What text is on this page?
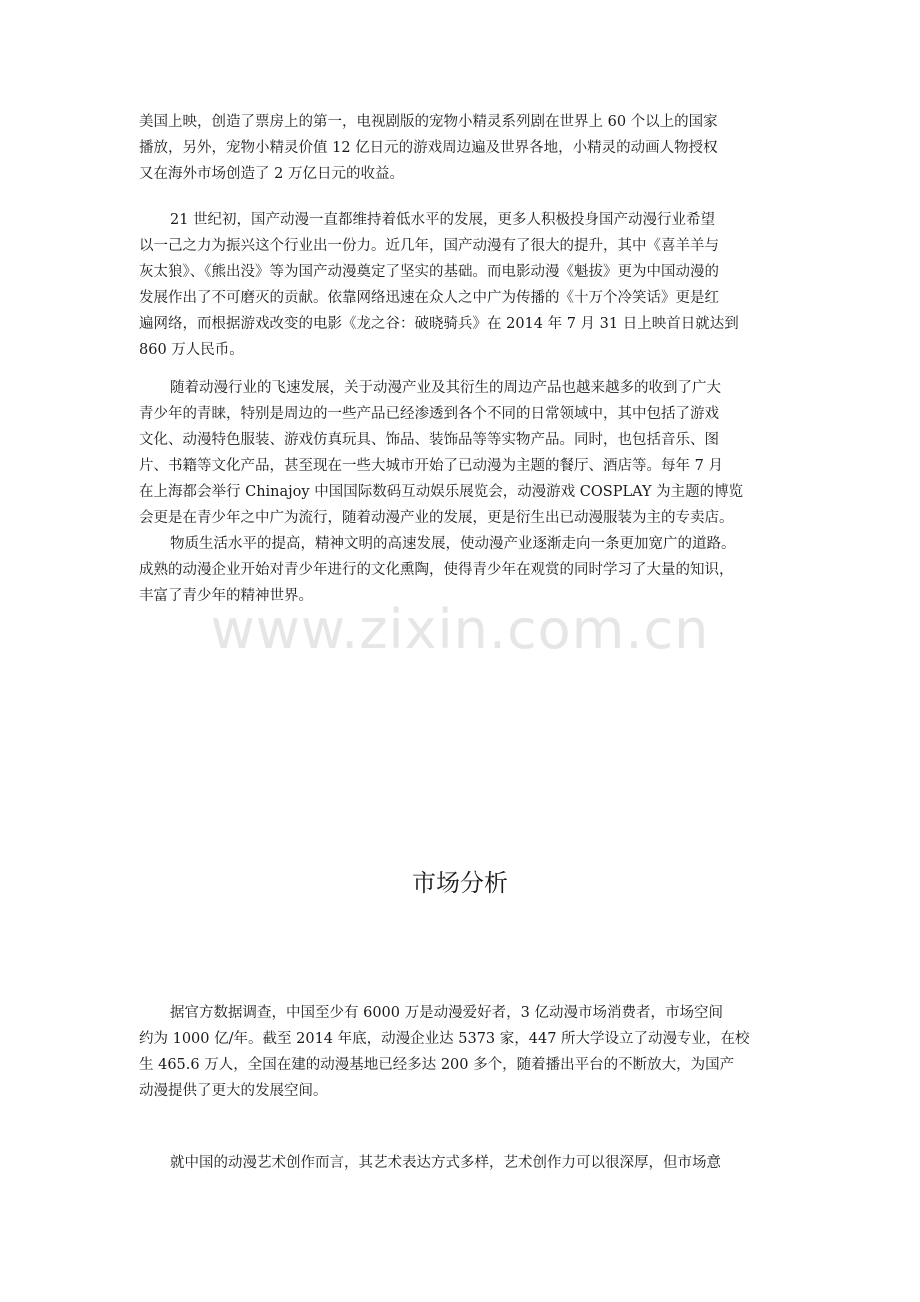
美国上映，创造了票房上的第一，电视剧版的宠物小精灵系列剧在世界上 60 个以上的国家
播放，另外，宠物小精灵价值 12 亿日元的游戏周边遍及世界各地，小精灵的动画人物授权
又在海外市场创造了 2 万亿日元的收益。

21 世纪初，国产动漫一直都维持着低水平的发展，更多人积极投身国产动漫行业希望
以一己之力为振兴这个行业出一份力。近几年，国产动漫有了很大的提升，其中《喜羊羊与
灰太狼》、《熊出没》等为国产动漫奠定了坚实的基础。而电影动漫《魁拔》更为中国动漫的
发展作出了不可磨灭的贡献。依靠网络迅速在众人之中广为传播的《十万个冷笑话》更是红
遍网络，而根据游戏改变的电影《龙之谷：破晓骑兵》在 2014 年 7 月 31 日上映首日就达到
860 万人民币。

随着动漫行业的飞速发展，关于动漫产业及其衍生的周边产品也越来越多的收到了广大
青少年的青睐，特别是周边的一些产品已经渗透到各个不同的日常领域中，其中包括了游戏
文化、动漫特色服装、游戏仿真玩具、饰品、装饰品等等实物产品。同时，也包括音乐、图
片、书籍等文化产品，甚至现在一些大城市开始了已动漫为主题的餐厅、酒店等。每年 7 月
在上海都会举行 Chinajoy 中国国际数码互动娱乐展览会，动漫游戏 COSPLAY 为主题的博览
会更是在青少年之中广为流行，随着动漫产业的发展，更是衍生出已动漫服装为主的专卖店。

物质生活水平的提高，精神文明的高速发展，使动漫产业逐渐走向一条更加宽广的道路。
成熟的动漫企业开始对青少年进行的文化熏陶，使得青少年在观赏的同时学习了大量的知识，
丰富了青少年的精神世界。

www.zixin.com.cn
市场分析

据官方数据调查，中国至少有 6000 万是动漫爱好者，3 亿动漫市场消费者，市场空间
约为 1000 亿/年。截至 2014 年底，动漫企业达 5373 家，447 所大学设立了动漫专业，在校
生 465.6 万人，全国在建的动漫基地已经多达 200 多个，随着播出平台的不断放大，为国产
动漫提供了更大的发展空间。

就中国的动漫艺术创作而言，其艺术表达方式多样，艺术创作力可以很深厚，但市场意
